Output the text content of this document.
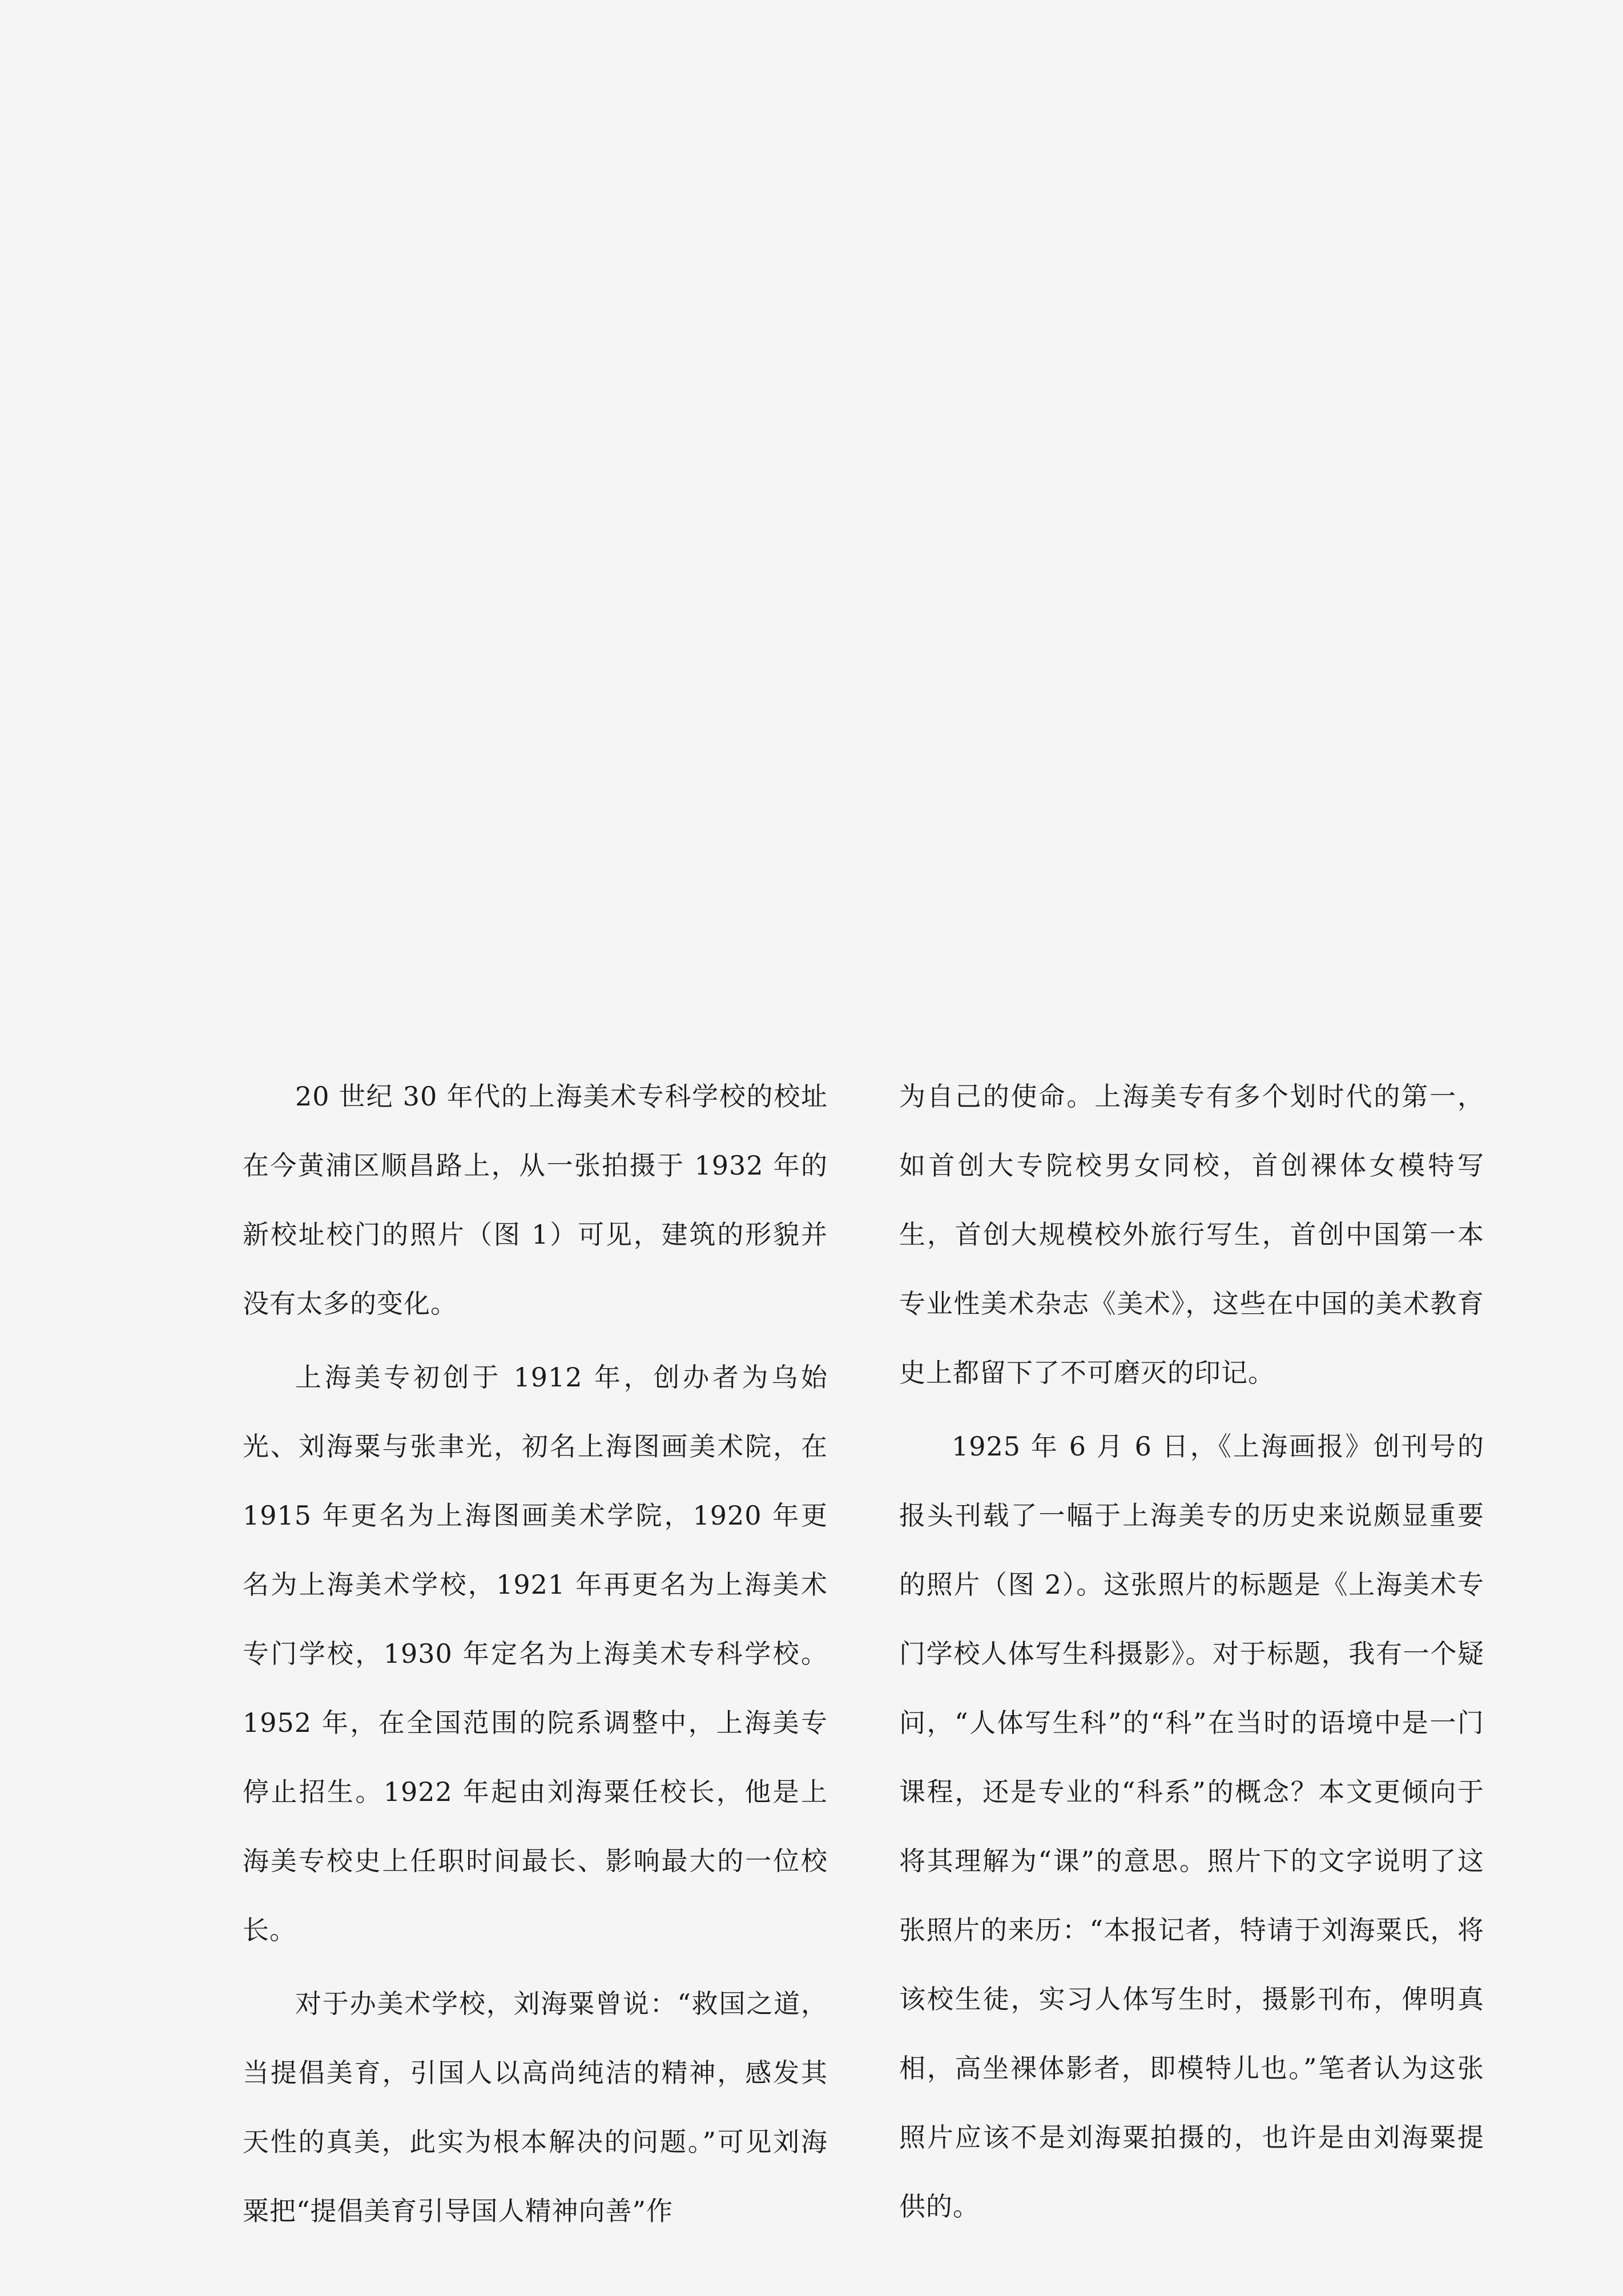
20 世纪 30 年代的上海美术专科学校的校址在今黄浦区顺昌路上，从一张拍摄于 1932 年的新校址校门的照片（图 1）可见，建筑的形貌并没有太多的变化。

上海美专初创于 1912 年，创办者为乌始光、刘海粟与张聿光，初名上海图画美术院，在 1915 年更名为上海图画美术学院，1920 年更名为上海美术学校，1921 年再更名为上海美术专门学校，1930 年定名为上海美术专科学校。1952 年，在全国范围的院系调整中，上海美专停止招生。1922 年起由刘海粟任校长，他是上海美专校史上任职时间最长、影响最大的一位校长。

对于办美术学校，刘海粟曾说：“救国之道，当提倡美育，引国人以高尚纯洁的精神，感发其天性的真美，此实为根本解决的问题。”可见刘海粟把“提倡美育引导国人精神向善”作

为自己的使命。上海美专有多个划时代的第一，如首创大专院校男女同校，首创裸体女模特写生，首创大规模校外旅行写生，首创中国第一本专业性美术杂志《美术》，这些在中国的美术教育史上都留下了不可磨灭的印记。

1925 年 6 月 6 日，《上海画报》创刊号的报头刊载了一幅于上海美专的历史来说颇显重要的照片（图 2）。这张照片的标题是《上海美术专门学校人体写生科摄影》。对于标题，我有一个疑问，“人体写生科”的“科”在当时的语境中是一门课程，还是专业的“科系”的概念？本文更倾向于将其理解为“课”的意思。照片下的文字说明了这张照片的来历：“本报记者，特请于刘海粟氏，将该校生徒，实习人体写生时，摄影刊布，俾明真相，高坐裸体影者，即模特儿也。”笔者认为这张照片应该不是刘海粟拍摄的，也许是由刘海粟提供的。
